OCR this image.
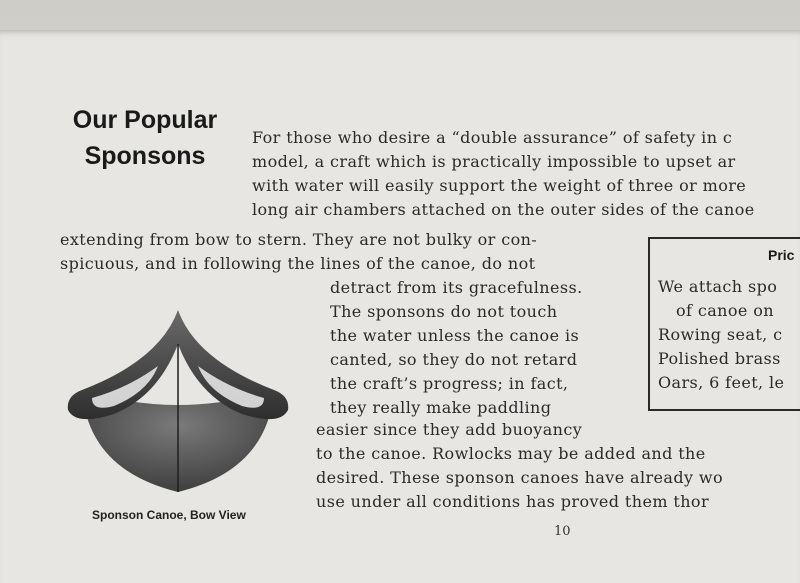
Our Popular
Sponsons
For those who desire a “double assurance” of safety in c
model, a craft which is practically impossible to upset ar
with water will easily support the weight of three or more
long air chambers attached on the outer sides of the canoe
extending from bow to stern. They are not bulky or con-
spicuous, and in following the lines of the canoe, do not
detract from its gracefulness.
The sponsons do not touch
the water unless the canoe is
canted, so they do not retard
the craft’s progress; in fact,
they really make paddling
easier since they add buoyancy
to the canoe. Rowlocks may be added and the
desired. These sponson canoes have already wo
use under all conditions has proved them thor
Pric
We attach spo
of canoe on
Rowing seat, c
Polished brass
Oars, 6 feet, le
Sponson Canoe, Bow View
10
